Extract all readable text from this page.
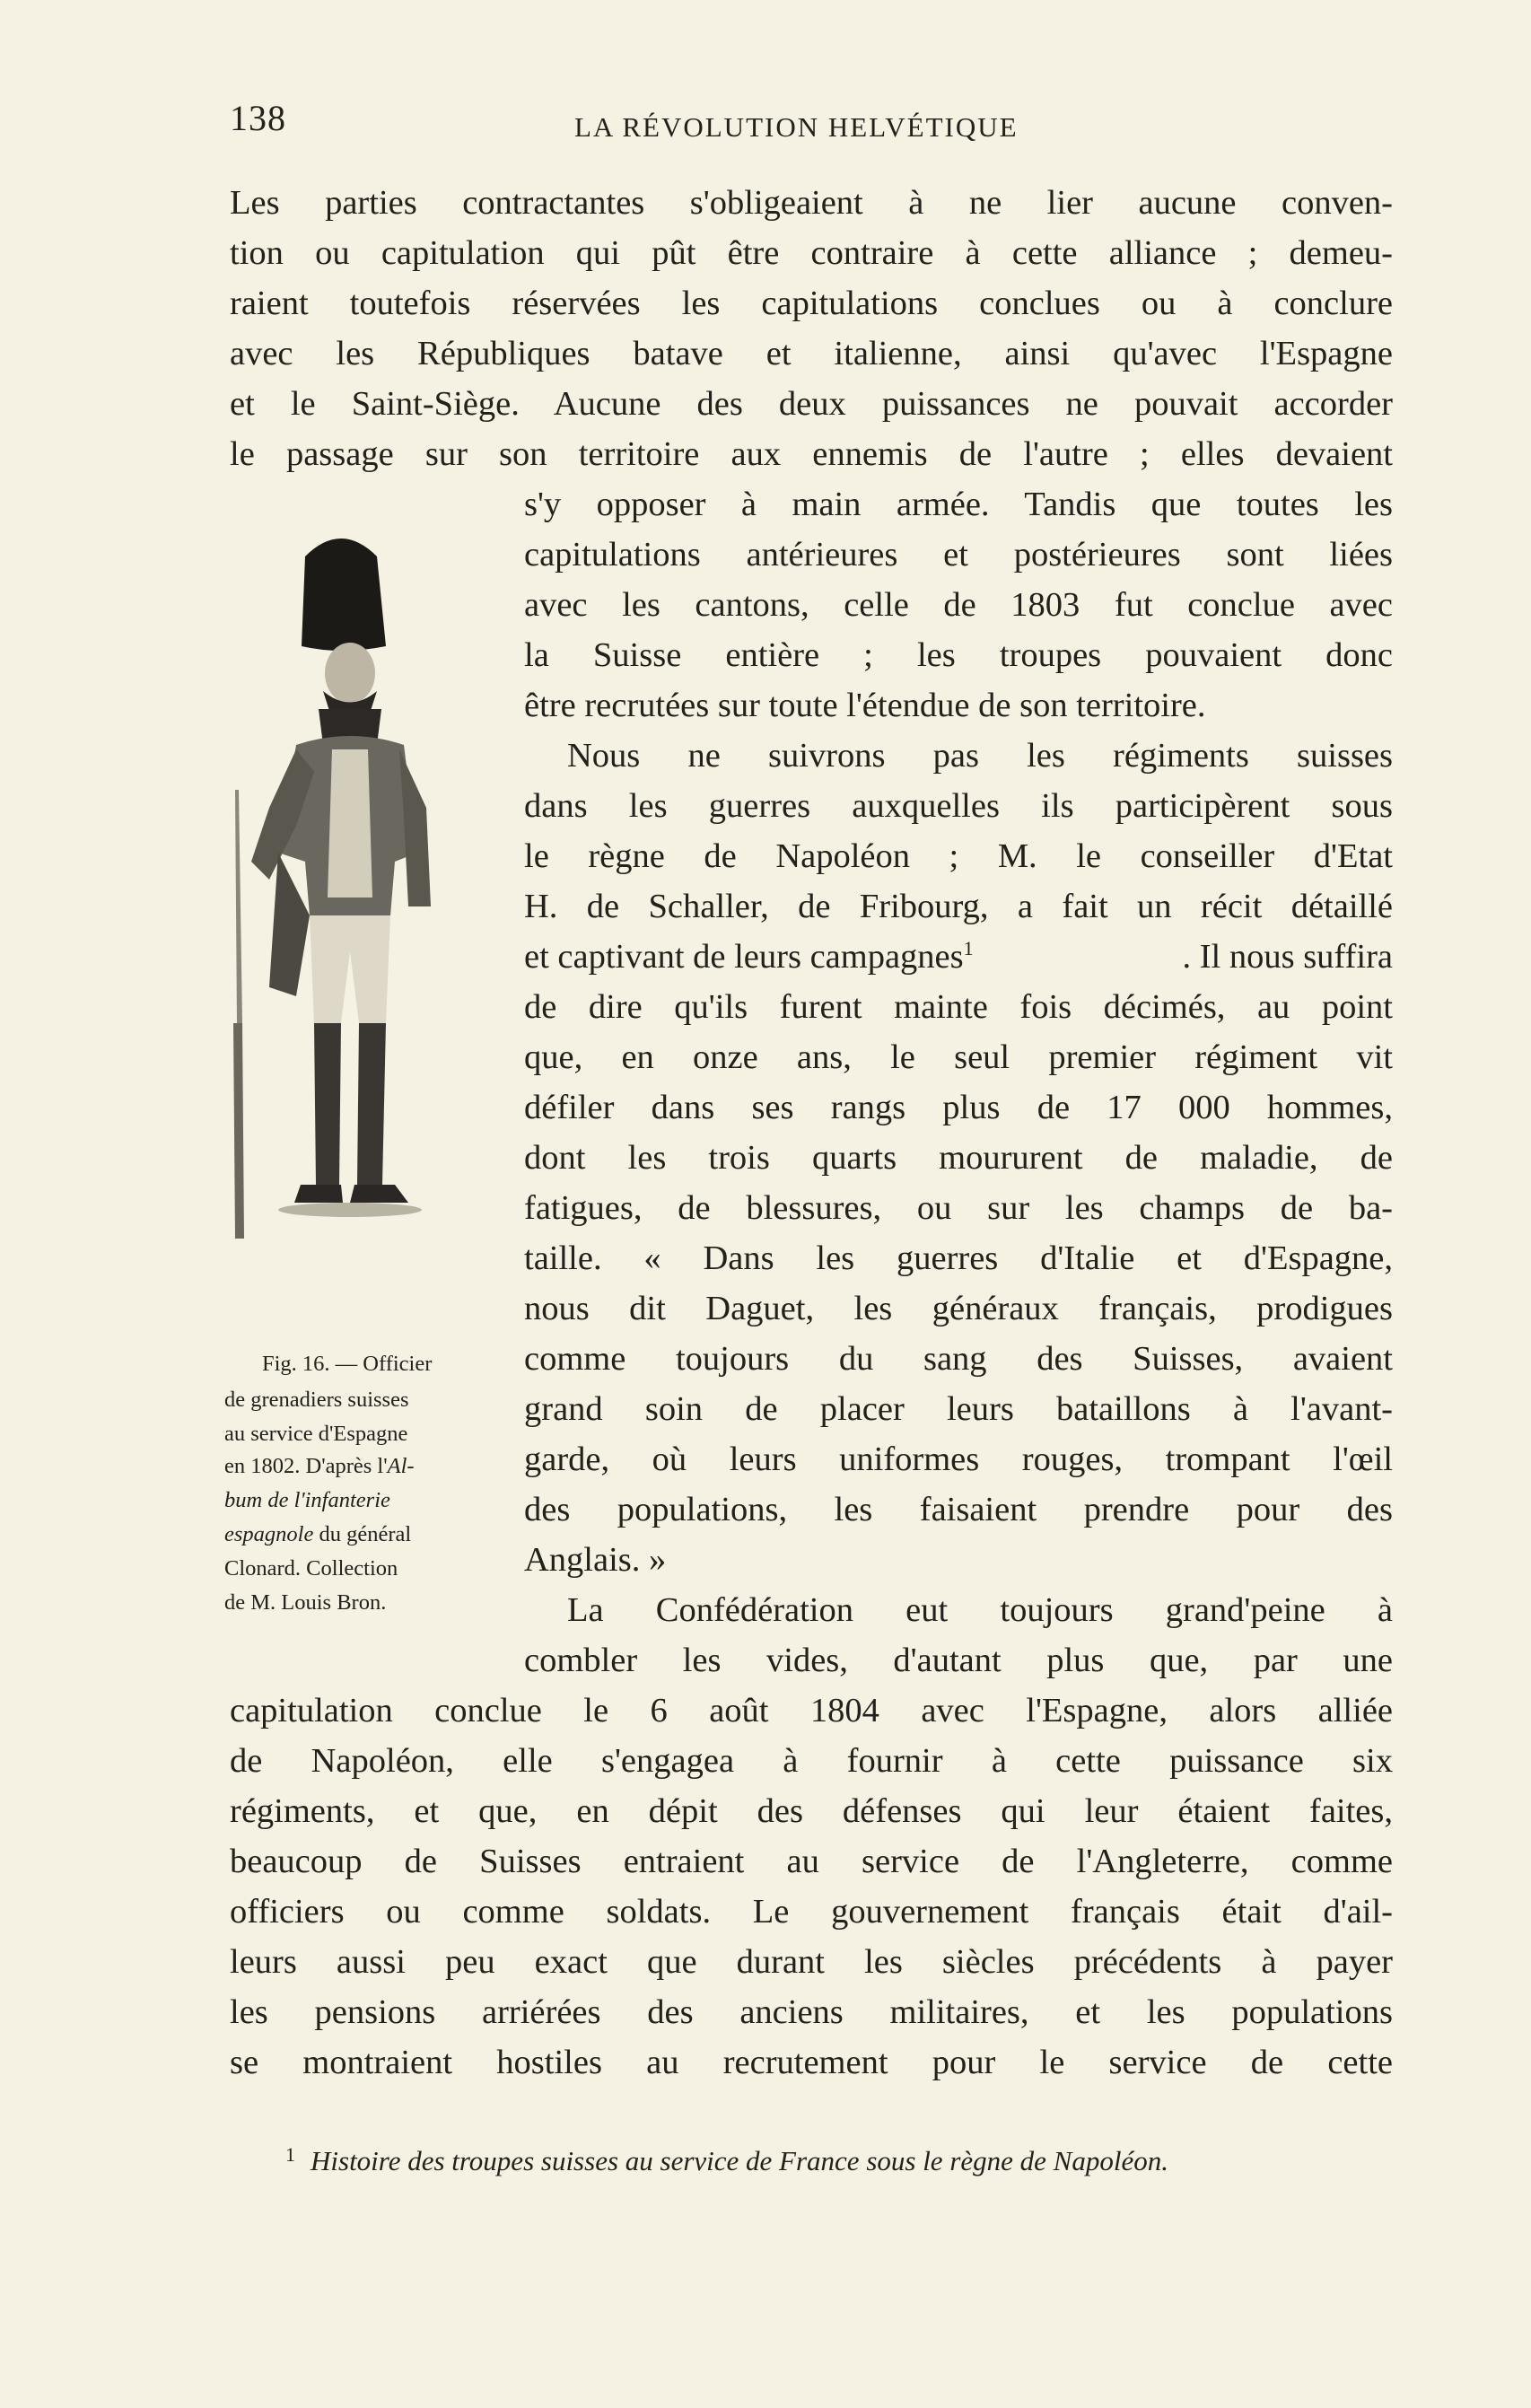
138	LA RÉVOLUTION HELVÉTIQUE
Les parties contractantes s'obligeaient à ne lier aucune conven-
tion ou capitulation qui pût être contraire à cette alliance ; demeu-
raient toutefois réservées les capitulations conclues ou à conclure
avec les Républiques batave et italienne, ainsi qu'avec l'Espagne
et le Saint-Siège. Aucune des deux puissances ne pouvait accorder
le passage sur son territoire aux ennemis de l'autre ; elles devaient
s'y opposer à main armée. Tandis que toutes les
capitulations antérieures et postérieures sont liées
avec les cantons, celle de 1803 fut conclue avec
la Suisse entière ; les troupes pouvaient donc
être recrutées sur toute l'étendue de son territoire.
Nous ne suivrons pas les régiments suisses
dans les guerres auxquelles ils participèrent sous
le règne de Napoléon ; M. le conseiller d'Etat
H. de Schaller, de Fribourg, a fait un récit détaillé
et captivant de leurs campagnes$^1$	. Il nous suffira
de dire qu'ils furent mainte fois décimés, au point
que, en onze ans, le seul premier régiment vit
défiler dans ses rangs plus de 17 000 hommes,
dont les trois quarts moururent de maladie, de
fatigues, de blessures, ou sur les champs de ba-
taille. « Dans les guerres d'Italie et d'Espagne,
nous dit Daguet, les généraux français, prodigues
comme toujours du sang des Suisses, avaient
grand soin de placer leurs bataillons à l'avant-
garde, où leurs uniformes rouges, trompant l'œil
des populations, les faisaient prendre pour des
Anglais. »
La Confédération eut toujours grand'peine à
combler les vides, d'autant plus que, par une
capitulation conclue le 6 août 1804 avec l'Espagne, alors alliée
de Napoléon, elle s'engagea à fournir à cette puissance six
régiments, et que, en dépit des défenses qui leur étaient faites,
beaucoup de Suisses entraient au service de l'Angleterre, comme
officiers ou comme soldats. Le gouvernement français était d'ail-
leurs aussi peu exact que durant les siècles précédents à payer
les pensions arriérées des anciens militaires, et les populations
se montraient hostiles au recrutement pour le service de cette
Fig. 16. — Officier
de grenadiers suisses
au service d'Espagne
en 1802. D'après l'Al-
bum de l'infanterie
espagnole du général
Clonard. Collection
de M. Louis Bron.
1 Histoire des troupes suisses au service de France sous le règne de Napoléon.
